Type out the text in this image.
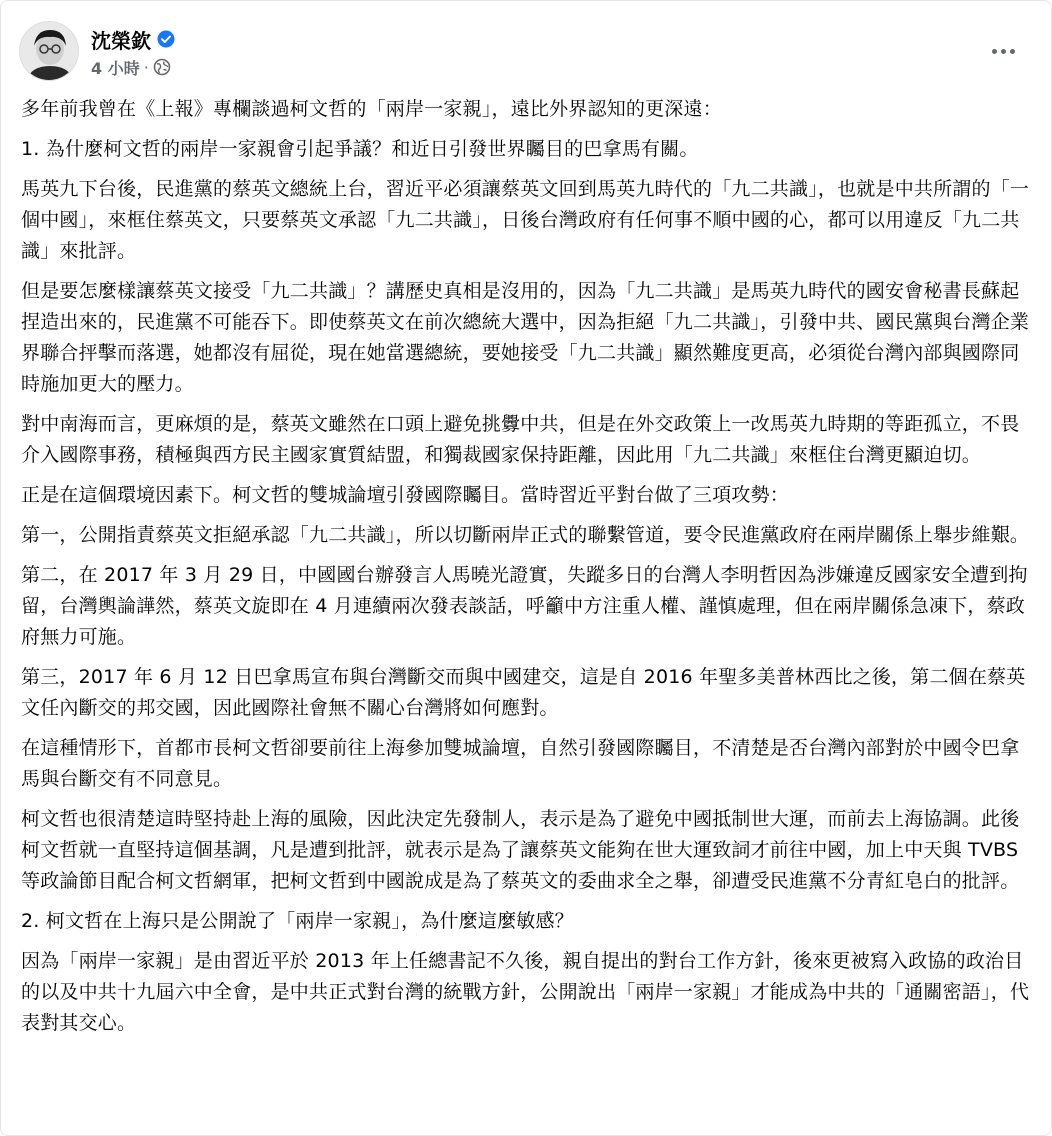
沈榮欽
4 小時 ·

多年前我曾在《上報》專欄談過柯文哲的「兩岸一家親」，遠比外界認知的更深遠：

1. 為什麼柯文哲的兩岸一家親會引起爭議？和近日引發世界矚目的巴拿馬有關。

馬英九下台後，民進黨的蔡英文總統上台，習近平必須讓蔡英文回到馬英九時代的「九二共識」，也就是中共所謂的「一個中國」，來框住蔡英文，只要蔡英文承認「九二共識」，日後台灣政府有任何事不順中國的心，都可以用違反「九二共識」來批評。

但是要怎麼樣讓蔡英文接受「九二共識」？講歷史真相是沒用的，因為「九二共識」是馬英九時代的國安會秘書長蘇起捏造出來的，民進黨不可能吞下。即使蔡英文在前次總統大選中，因為拒絕「九二共識」，引發中共、國民黨與台灣企業界聯合抨擊而落選，她都沒有屈從，現在她當選總統，要她接受「九二共識」顯然難度更高，必須從台灣內部與國際同時施加更大的壓力。

對中南海而言，更麻煩的是，蔡英文雖然在口頭上避免挑釁中共，但是在外交政策上一改馬英九時期的等距孤立，不畏介入國際事務，積極與西方民主國家實質結盟，和獨裁國家保持距離，因此用「九二共識」來框住台灣更顯迫切。

正是在這個環境因素下。柯文哲的雙城論壇引發國際矚目。當時習近平對台做了三項攻勢：

第一，公開指責蔡英文拒絕承認「九二共識」，所以切斷兩岸正式的聯繫管道，要令民進黨政府在兩岸關係上舉步維艱。

第二，在 2017 年 3 月 29 日，中國國台辦發言人馬曉光證實，失蹤多日的台灣人李明哲因為涉嫌違反國家安全遭到拘留，台灣輿論譁然，蔡英文旋即在 4 月連續兩次發表談話，呼籲中方注重人權、謹慎處理，但在兩岸關係急凍下，蔡政府無力可施。

第三，2017 年 6 月 12 日巴拿馬宣布與台灣斷交而與中國建交，這是自 2016 年聖多美普林西比之後，第二個在蔡英文任內斷交的邦交國，因此國際社會無不關心台灣將如何應對。

在這種情形下，首都市長柯文哲卻要前往上海參加雙城論壇，自然引發國際矚目，不清楚是否台灣內部對於中國令巴拿馬與台斷交有不同意見。

柯文哲也很清楚這時堅持赴上海的風險，因此決定先發制人，表示是為了避免中國抵制世大運，而前去上海協調。此後柯文哲就一直堅持這個基調，凡是遭到批評，就表示是為了讓蔡英文能夠在世大運致詞才前往中國，加上中天與 TVBS 等政論節目配合柯文哲網軍，把柯文哲到中國說成是為了蔡英文的委曲求全之舉，卻遭受民進黨不分青紅皂白的批評。

2. 柯文哲在上海只是公開說了「兩岸一家親」，為什麼這麼敏感？

因為「兩岸一家親」是由習近平於 2013 年上任總書記不久後，親自提出的對台工作方針，後來更被寫入政協的政治目的以及中共十九屆六中全會，是中共正式對台灣的統戰方針，公開說出「兩岸一家親」才能成為中共的「通關密語」，代表對其交心。
